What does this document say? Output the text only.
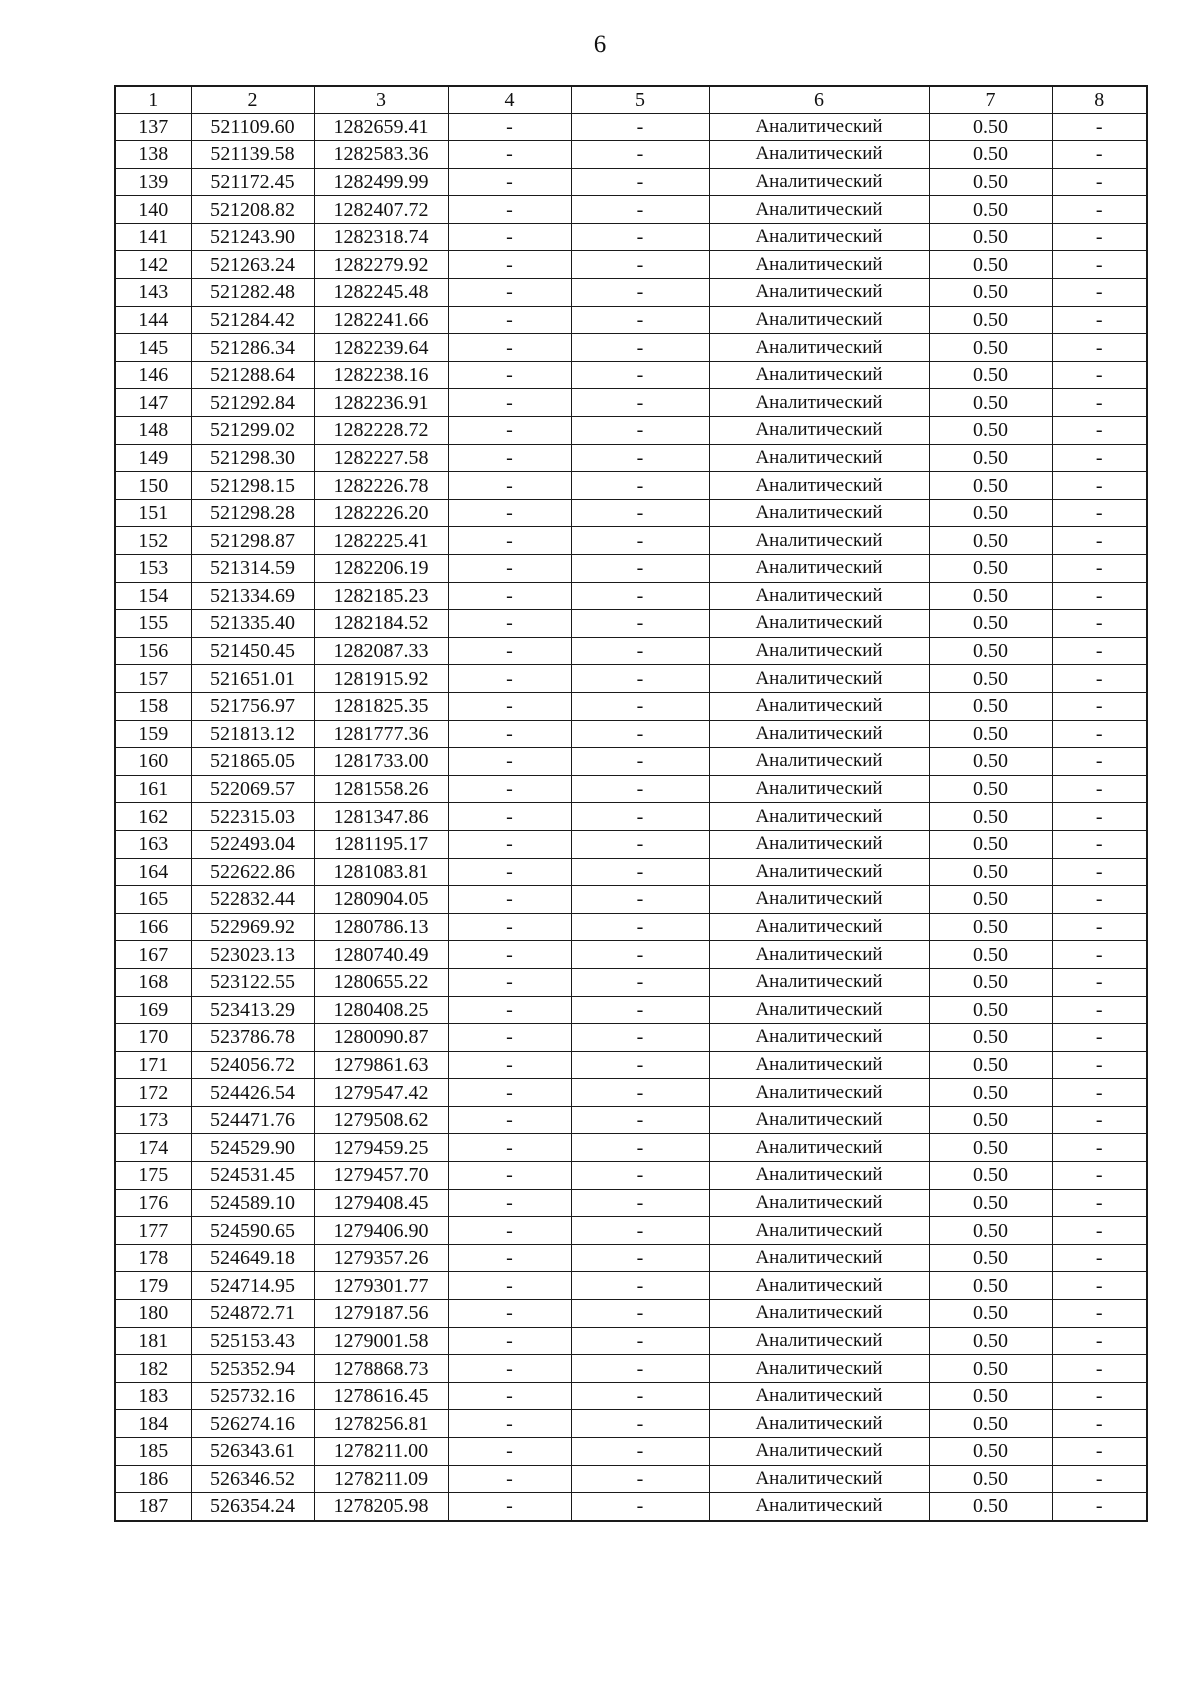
6
1	2	3	4	5	6	7	8
137	521109.60	1282659.41	-	-	Аналитический	0.50	-
138	521139.58	1282583.36	-	-	Аналитический	0.50	-
139	521172.45	1282499.99	-	-	Аналитический	0.50	-
140	521208.82	1282407.72	-	-	Аналитический	0.50	-
141	521243.90	1282318.74	-	-	Аналитический	0.50	-
142	521263.24	1282279.92	-	-	Аналитический	0.50	-
143	521282.48	1282245.48	-	-	Аналитический	0.50	-
144	521284.42	1282241.66	-	-	Аналитический	0.50	-
145	521286.34	1282239.64	-	-	Аналитический	0.50	-
146	521288.64	1282238.16	-	-	Аналитический	0.50	-
147	521292.84	1282236.91	-	-	Аналитический	0.50	-
148	521299.02	1282228.72	-	-	Аналитический	0.50	-
149	521298.30	1282227.58	-	-	Аналитический	0.50	-
150	521298.15	1282226.78	-	-	Аналитический	0.50	-
151	521298.28	1282226.20	-	-	Аналитический	0.50	-
152	521298.87	1282225.41	-	-	Аналитический	0.50	-
153	521314.59	1282206.19	-	-	Аналитический	0.50	-
154	521334.69	1282185.23	-	-	Аналитический	0.50	-
155	521335.40	1282184.52	-	-	Аналитический	0.50	-
156	521450.45	1282087.33	-	-	Аналитический	0.50	-
157	521651.01	1281915.92	-	-	Аналитический	0.50	-
158	521756.97	1281825.35	-	-	Аналитический	0.50	-
159	521813.12	1281777.36	-	-	Аналитический	0.50	-
160	521865.05	1281733.00	-	-	Аналитический	0.50	-
161	522069.57	1281558.26	-	-	Аналитический	0.50	-
162	522315.03	1281347.86	-	-	Аналитический	0.50	-
163	522493.04	1281195.17	-	-	Аналитический	0.50	-
164	522622.86	1281083.81	-	-	Аналитический	0.50	-
165	522832.44	1280904.05	-	-	Аналитический	0.50	-
166	522969.92	1280786.13	-	-	Аналитический	0.50	-
167	523023.13	1280740.49	-	-	Аналитический	0.50	-
168	523122.55	1280655.22	-	-	Аналитический	0.50	-
169	523413.29	1280408.25	-	-	Аналитический	0.50	-
170	523786.78	1280090.87	-	-	Аналитический	0.50	-
171	524056.72	1279861.63	-	-	Аналитический	0.50	-
172	524426.54	1279547.42	-	-	Аналитический	0.50	-
173	524471.76	1279508.62	-	-	Аналитический	0.50	-
174	524529.90	1279459.25	-	-	Аналитический	0.50	-
175	524531.45	1279457.70	-	-	Аналитический	0.50	-
176	524589.10	1279408.45	-	-	Аналитический	0.50	-
177	524590.65	1279406.90	-	-	Аналитический	0.50	-
178	524649.18	1279357.26	-	-	Аналитический	0.50	-
179	524714.95	1279301.77	-	-	Аналитический	0.50	-
180	524872.71	1279187.56	-	-	Аналитический	0.50	-
181	525153.43	1279001.58	-	-	Аналитический	0.50	-
182	525352.94	1278868.73	-	-	Аналитический	0.50	-
183	525732.16	1278616.45	-	-	Аналитический	0.50	-
184	526274.16	1278256.81	-	-	Аналитический	0.50	-
185	526343.61	1278211.00	-	-	Аналитический	0.50	-
186	526346.52	1278211.09	-	-	Аналитический	0.50	-
187	526354.24	1278205.98	-	-	Аналитический	0.50	-
